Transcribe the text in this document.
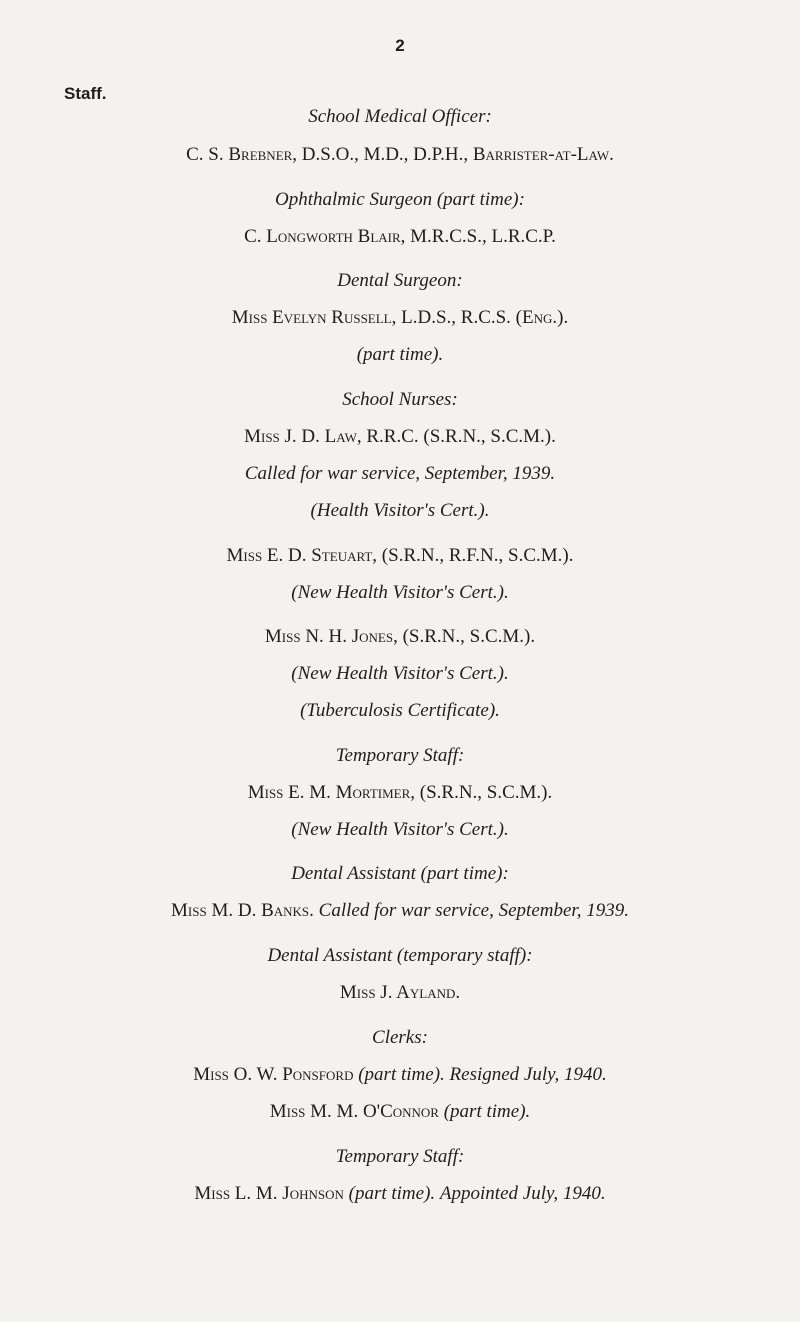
2
Staff.
School Medical Officer:
C. S. Brebner, D.S.O., M.D., D.P.H., Barrister-at-Law.
Ophthalmic Surgeon (part time):
C. Longworth Blair, M.R.C.S., L.R.C.P.
Dental Surgeon:
Miss Evelyn Russell, L.D.S., R.C.S. (Eng.).
(part time).
School Nurses:
Miss J. D. Law, R.R.C. (S.R.N., S.C.M.).
Called for war service, September, 1939.
(Health Visitor's Cert.).
Miss E. D. Steuart, (S.R.N., R.F.N., S.C.M.).
(New Health Visitor's Cert.).
Miss N. H. Jones, (S.R.N., S.C.M.).
(New Health Visitor's Cert.).
(Tuberculosis Certificate).
Temporary Staff:
Miss E. M. Mortimer, (S.R.N., S.C.M.).
(New Health Visitor's Cert.).
Dental Assistant (part time):
Miss M. D. Banks. Called for war service, September, 1939.
Dental Assistant (temporary staff):
Miss J. Ayland.
Clerks:
Miss O. W. Ponsford (part time). Resigned July, 1940.
Miss M. M. O'Connor (part time).
Temporary Staff:
Miss L. M. Johnson (part time). Appointed July, 1940.
